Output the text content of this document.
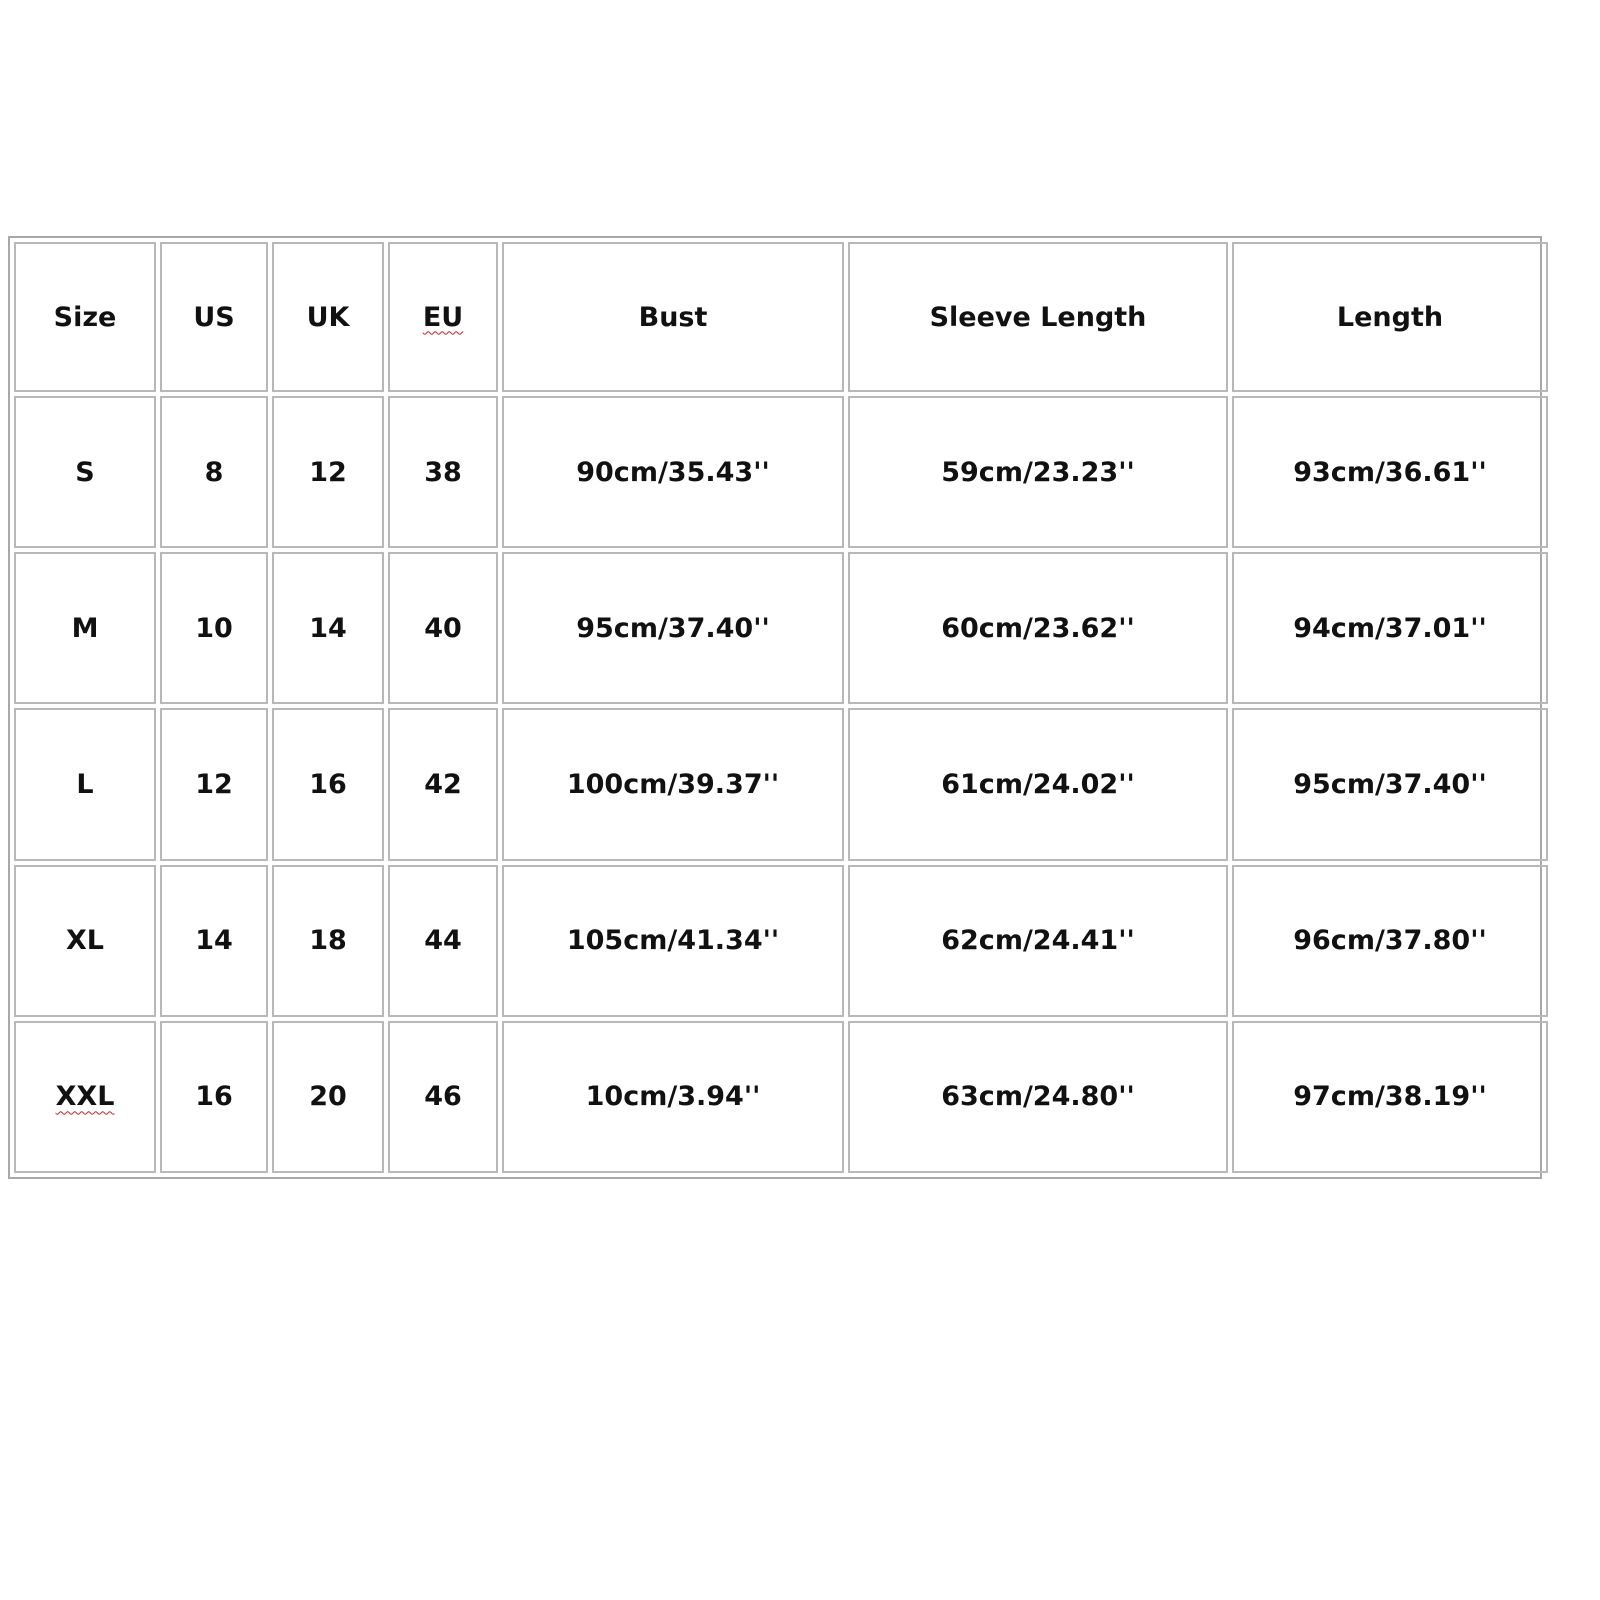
Size	US	UK	EU	Bust	Sleeve Length	Length
S	8	12	38	90cm/35.43''	59cm/23.23''	93cm/36.61''
M	10	14	40	95cm/37.40''	60cm/23.62''	94cm/37.01''
L	12	16	42	100cm/39.37''	61cm/24.02''	95cm/37.40''
XL	14	18	44	105cm/41.34''	62cm/24.41''	96cm/37.80''
XXL	16	20	46	10cm/3.94''	63cm/24.80''	97cm/38.19''
